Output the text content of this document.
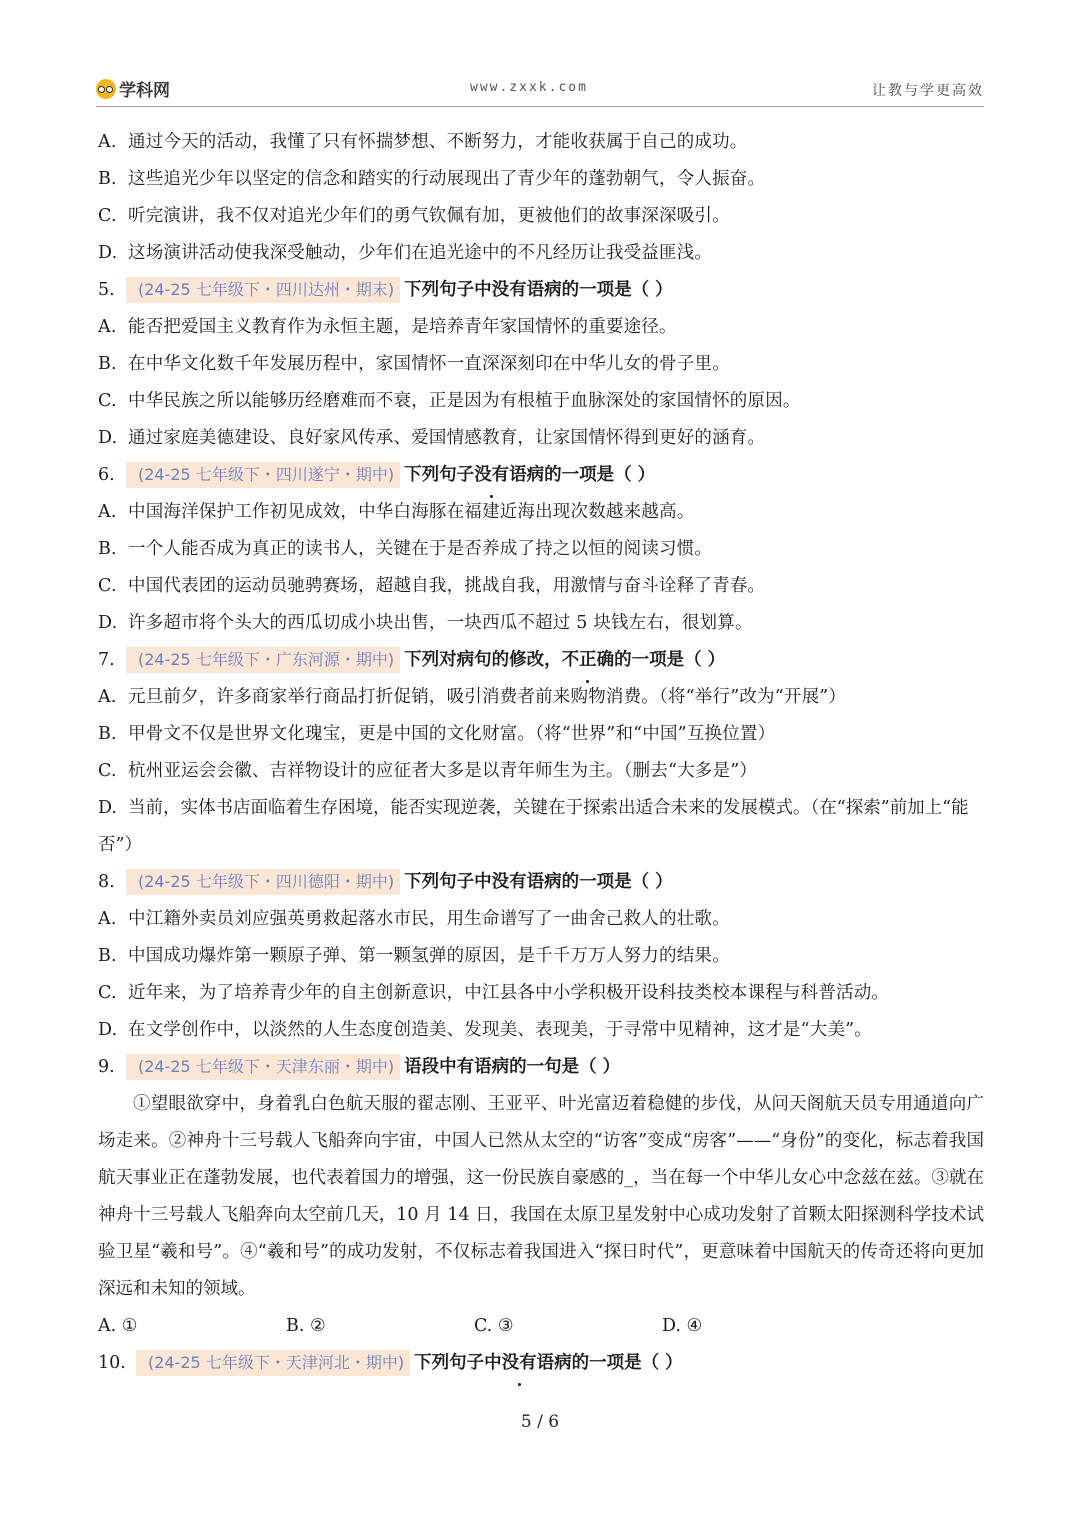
学科网	www.zxxk.com	让教与学更高效
A. 通过今天的活动，我懂了只有怀揣梦想、不断努力，才能收获属于自己的成功。
B. 这些追光少年以坚定的信念和踏实的行动展现出了青少年的蓬勃朝气，令人振奋。
C. 听完演讲，我不仅对追光少年们的勇气钦佩有加，更被他们的故事深深吸引。
D. 这场演讲活动使我深受触动，少年们在追光途中的不凡经历让我受益匪浅。
5. (24-25 七年级下・四川达州・期末) 下列句子中没有语病的一项是（ ）
A. 能否把爱国主义教育作为永恒主题，是培养青年家国情怀的重要途径。
B. 在中华文化数千年发展历程中，家国情怀一直深深刻印在中华儿女的骨子里。
C. 中华民族之所以能够历经磨难而不衰，正是因为有根植于血脉深处的家国情怀的原因。
D. 通过家庭美德建设、良好家风传承、爱国情感教育，让家国情怀得到更好的涵育。
6. (24-25 七年级下・四川遂宁・期中) 下列句子没有语病的一项是（ ）
A. 中国海洋保护工作初见成效，中华白海豚在福建近海出现次数越来越高。
B. 一个人能否成为真正的读书人，关键在于是否养成了持之以恒的阅读习惯。
C. 中国代表团的运动员驰骋赛场，超越自我，挑战自我，用激情与奋斗诠释了青春。
D. 许多超市将个头大的西瓜切成小块出售，一块西瓜不超过 5 块钱左右，很划算。
7. (24-25 七年级下・广东河源・期中) 下列对病句的修改，不正确的一项是（ ）
A. 元旦前夕，许多商家举行商品打折促销，吸引消费者前来购物消费。（将“举行”改为“开展”）
B. 甲骨文不仅是世界文化瑰宝，更是中国的文化财富。（将“世界”和“中国”互换位置）
C. 杭州亚运会会徽、吉祥物设计的应征者大多是以青年师生为主。（删去“大多是”）
D. 当前，实体书店面临着生存困境，能否实现逆袭，关键在于探索出适合未来的发展模式。（在“探索”前加上“能否”）
8. (24-25 七年级下・四川德阳・期中) 下列句子中没有语病的一项是（ ）
A. 中江籍外卖员刘应强英勇救起落水市民，用生命谱写了一曲舍己救人的壮歌。
B. 中国成功爆炸第一颗原子弹、第一颗氢弹的原因，是千千万万人努力的结果。
C. 近年来，为了培养青少年的自主创新意识，中江县各中小学积极开设科技类校本课程与科普活动。
D. 在文学创作中，以淡然的人生态度创造美、发现美、表现美，于寻常中见精神，这才是“大美”。
9. (24-25 七年级下・天津东丽・期中) 语段中有语病的一句是（ ）
①望眼欲穿中，身着乳白色航天服的翟志刚、王亚平、叶光富迈着稳健的步伐，从问天阁航天员专用通道向广场走来。②神舟十三号载人飞船奔向宇宙，中国人已然从太空的“访客”变成“房客”——“身份”的变化，标志着我国航天事业正在蓬勃发展，也代表着国力的增强，这一份民族自豪感的_，当在每一个中华儿女心中念兹在兹。③就在神舟十三号载人飞船奔向太空前几天，10 月 14 日，我国在太原卫星发射中心成功发射了首颗太阳探测科学技术试验卫星“羲和号”。④“羲和号”的成功发射，不仅标志着我国进入“探日时代”，更意味着中国航天的传奇还将向更加深远和未知的领域。
A. ①	B. ②	C. ③	D. ④
10. (24-25 七年级下・天津河北・期中) 下列句子中没有语病的一项是（ ）
5 / 6
